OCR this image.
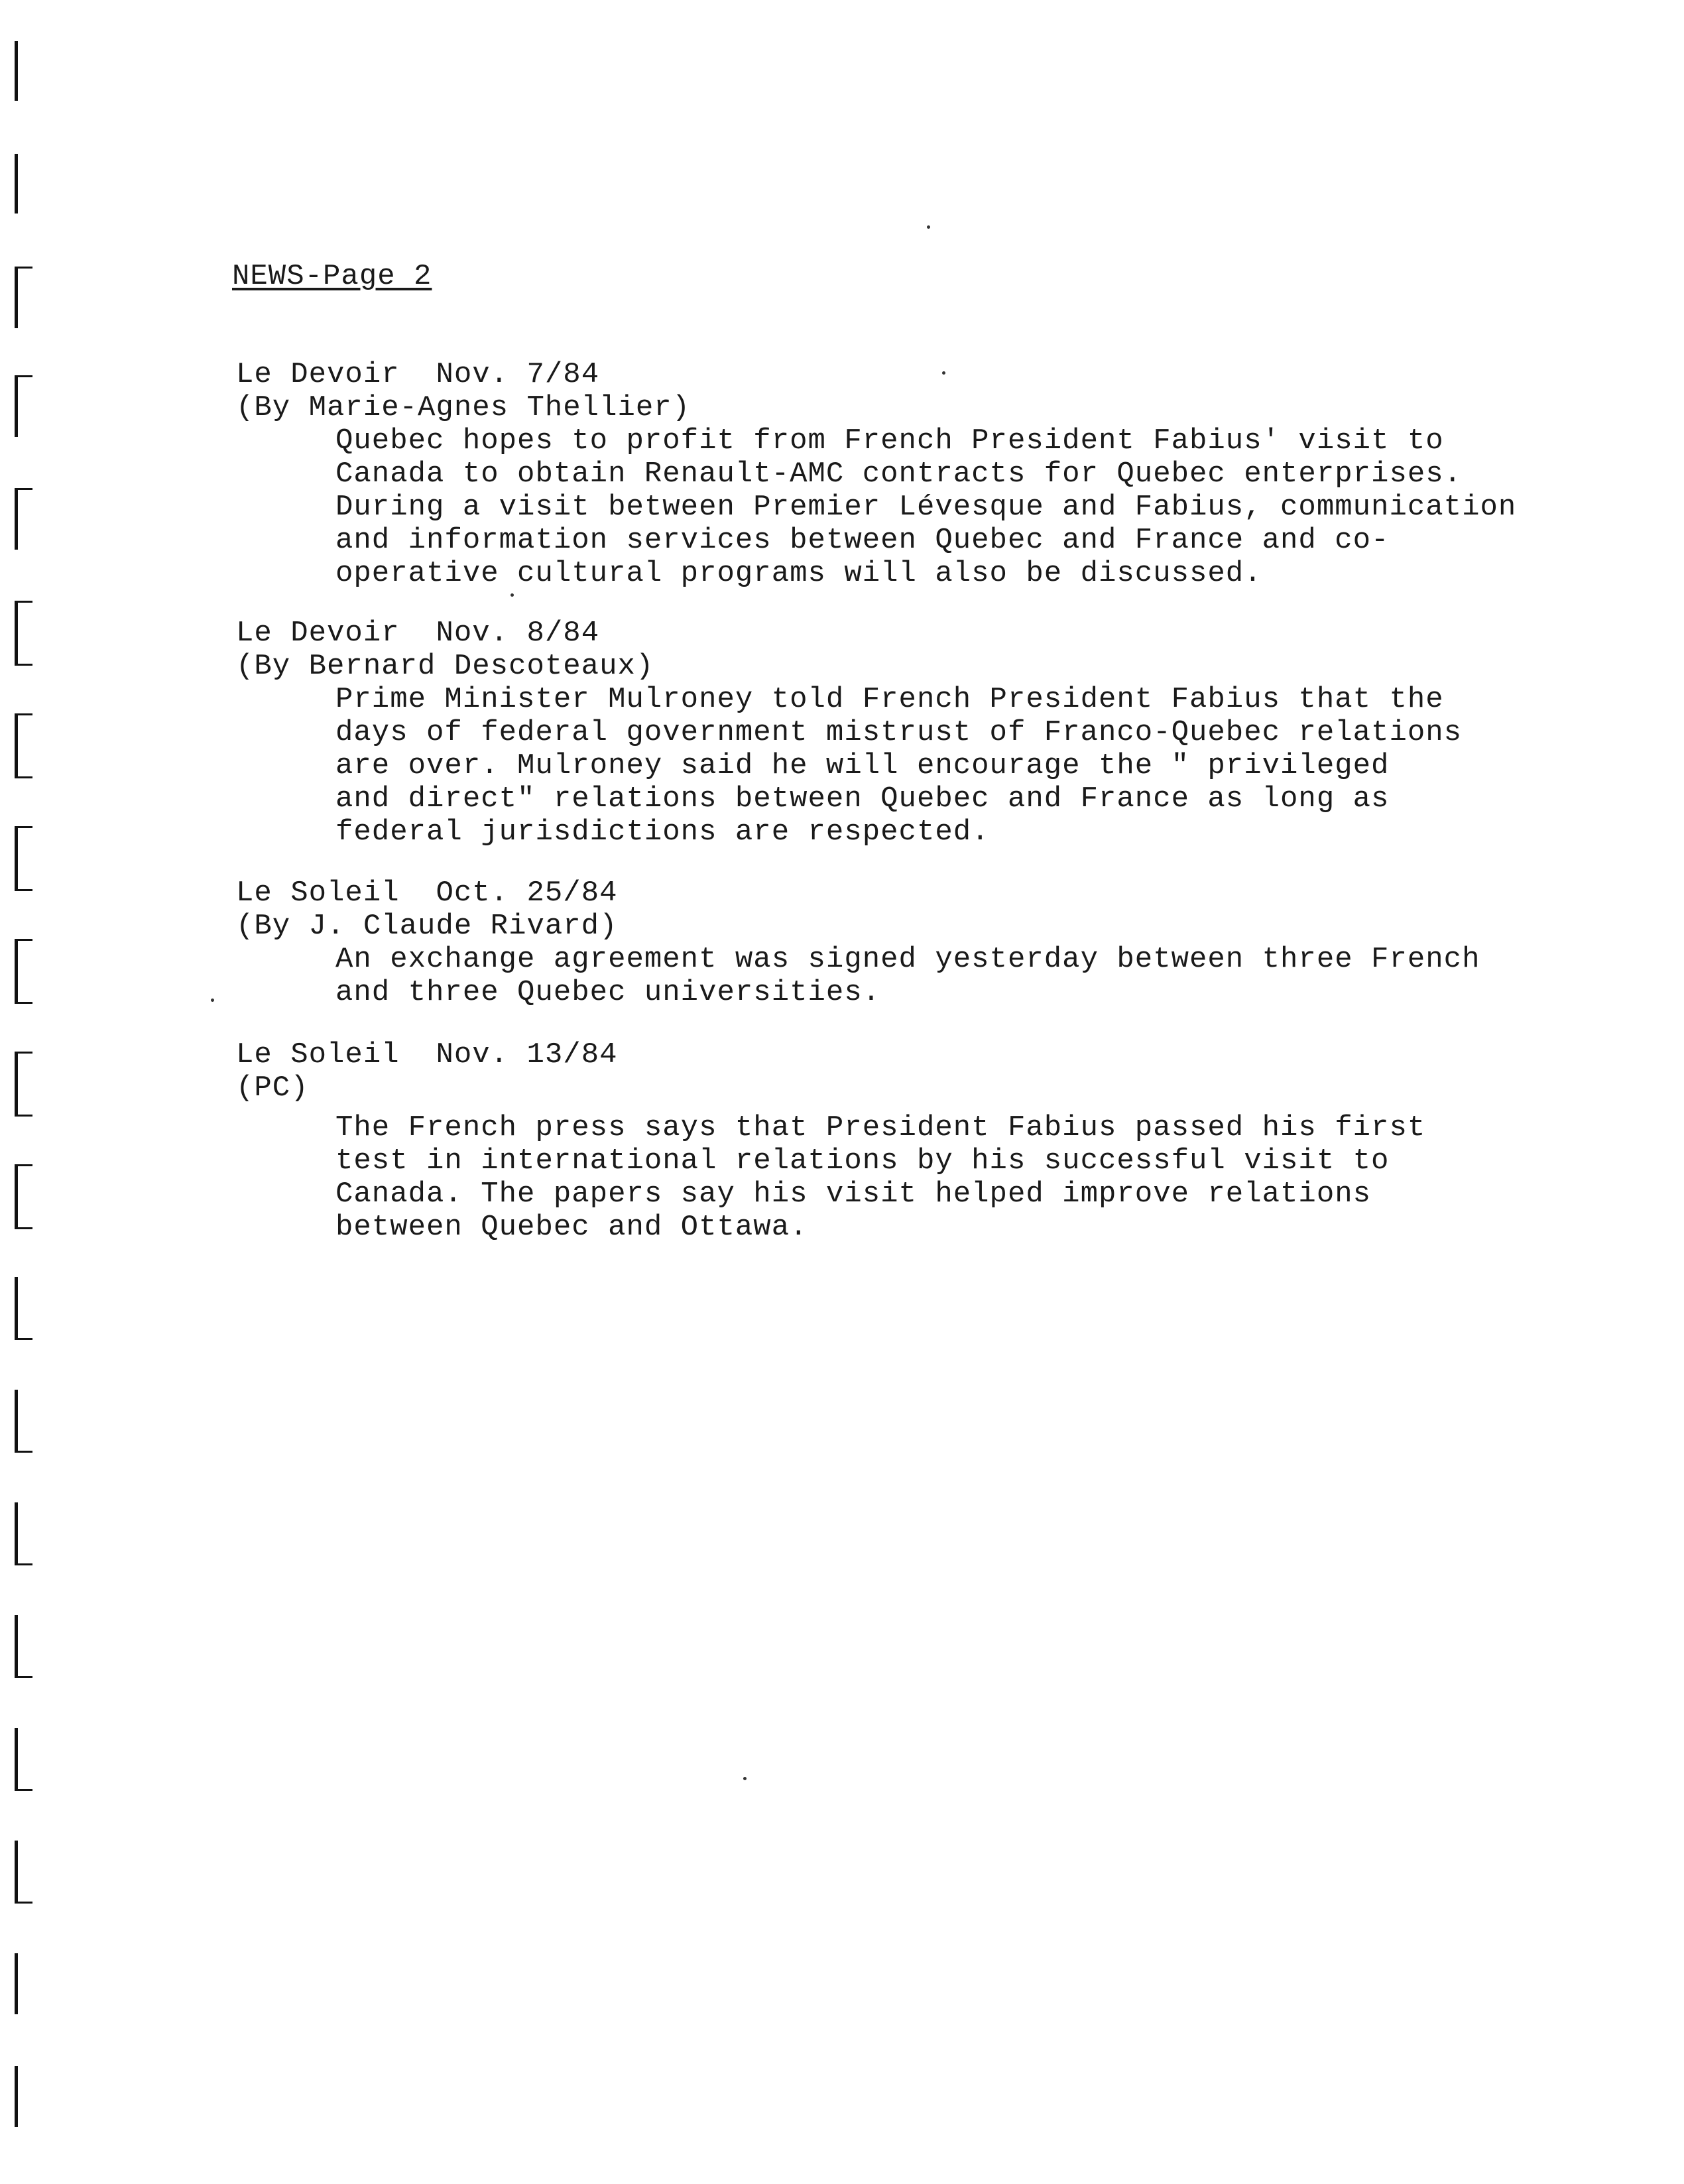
NEWS-Page 2
Le Devoir Nov. 7/84
(By Marie-Agnes Thellier)
Quebec hopes to profit from French President Fabius' visit to
Canada to obtain Renault-AMC contracts for Quebec enterprises.
During a visit between Premier Lévesque and Fabius, communication
and information services between Quebec and France and co-
operative cultural programs will also be discussed.
Le Devoir Nov. 8/84
(By Bernard Descoteaux)
Prime Minister Mulroney told French President Fabius that the
days of federal government mistrust of Franco-Quebec relations
are over. Mulroney said he will encourage the " privileged
and direct" relations between Quebec and France as long as
federal jurisdictions are respected.
Le Soleil Oct. 25/84
(By J. Claude Rivard)
An exchange agreement was signed yesterday between three French
and three Quebec universities.
Le Soleil Nov. 13/84
(PC)
The French press says that President Fabius passed his first
test in international relations by his successful visit to
Canada. The papers say his visit helped improve relations
between Quebec and Ottawa.
